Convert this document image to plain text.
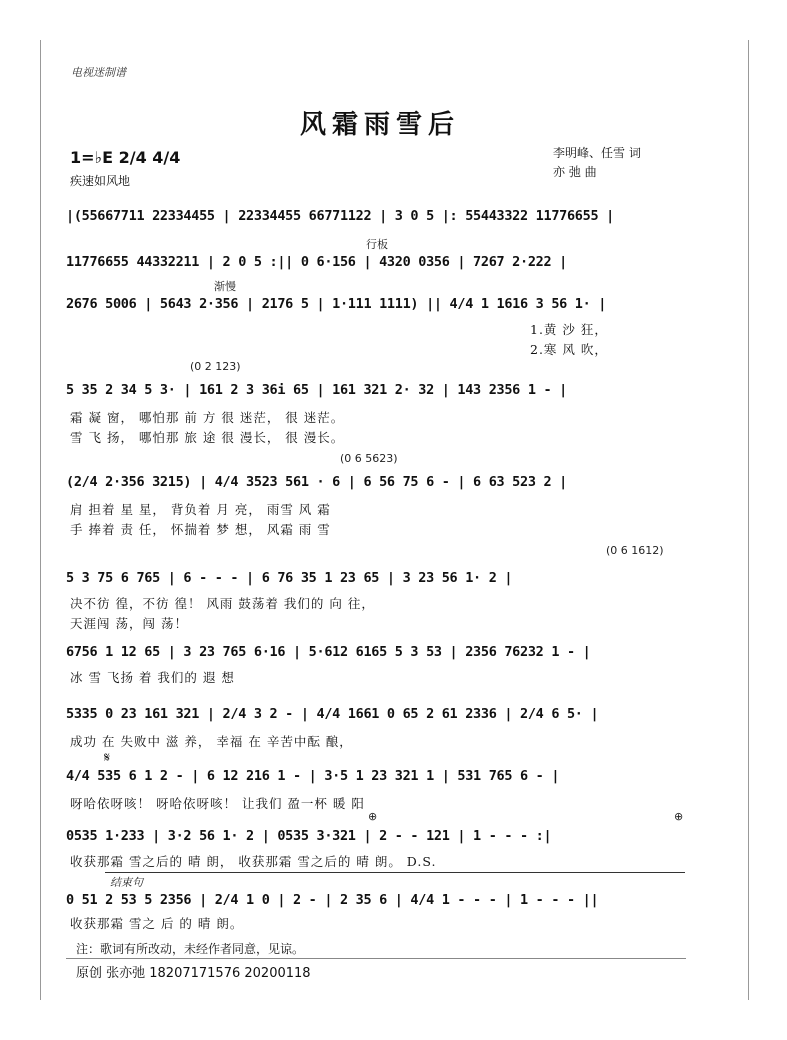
电视迷制谱
风霜雨雪后
1=♭E 2/4 4/4
疾速如风地
李明峰、任雪 词
亦 弛 曲
|(55667711 22334455 | 22334455 66771122 | 3 0 5 |: 55443322 11776655 |
行板
11776655 44332211 | 2 0 5 :|| 0 6·156 | 4320 0356 | 7267 2·222 |
渐慢
2676 5006 | 5643 2·356 | 2176 5 | 1·111 1111) || 4/4 1 1616 3 56 1· |
1.黄 沙 狂，
2.寒 风 吹，
(0 2 123)
5 35 2 34 5 3· | 161 2 3 36i 65 | 161 321 2· 32 | 143 2356 1 - |
霜 凝 窗， 哪怕那 前 方 很 迷茫， 很 迷茫。
雪 飞 扬， 哪怕那 旅 途 很 漫长， 很 漫长。
(0 6 5623)
(2/4 2·356 3215) | 4/4 3523 561 · 6 | 6 56 75 6 - | 6 63 523 2 |
肩 担着 星 星， 背负着 月 亮， 雨雪 风 霜
手 捧着 责 任， 怀揣着 梦 想， 风霜 雨 雪
(0 6 1612)
5 3 75 6 765 | 6 - - - | 6 76 35 1 23 65 | 3 23 56 1· 2 |
决不彷 徨，不彷 徨！ 风雨 鼓荡着 我们的 向 往，
天涯闯 荡，闯 荡！
6756 1 12 65 | 3 23 765 6·16 | 5·612 6165 5 3 53 | 2356 76232 1 - |
冰 雪 飞扬 着 我们的 遐 想
5335 0 23 161 321 | 2/4 3 2 - | 4/4 1661 0 65 2 61 2336 | 2/4 6 5· |
成功 在 失败中 滋 养， 幸福 在 辛苦中酝 酿，
𝄋
4/4 535 6 1 2 - | 6 12 216 1 - | 3·5 1 23 321 1 | 531 765 6 - |
呀哈依呀咳！ 呀哈依呀咳！ 让我们 盈一杯 暖 阳
⊕	⊕
0535 1·233 | 3·2 56 1· 2 | 0535 3·321 | 2 - - 121 | 1 - - - :|
收获那霜 雪之后的 晴 朗， 收获那霜 雪之后的 晴 朗。 D.S.
结束句
0 51 2 53 5 2356 | 2/4 1 0 | 2 - | 2 35 6 | 4/4 1 - - - | 1 - - - ||
收获那霜 雪之 后 的 晴 朗。
注：歌词有所改动，未经作者同意，见谅。
原创 张亦弛 18207171576 20200118
